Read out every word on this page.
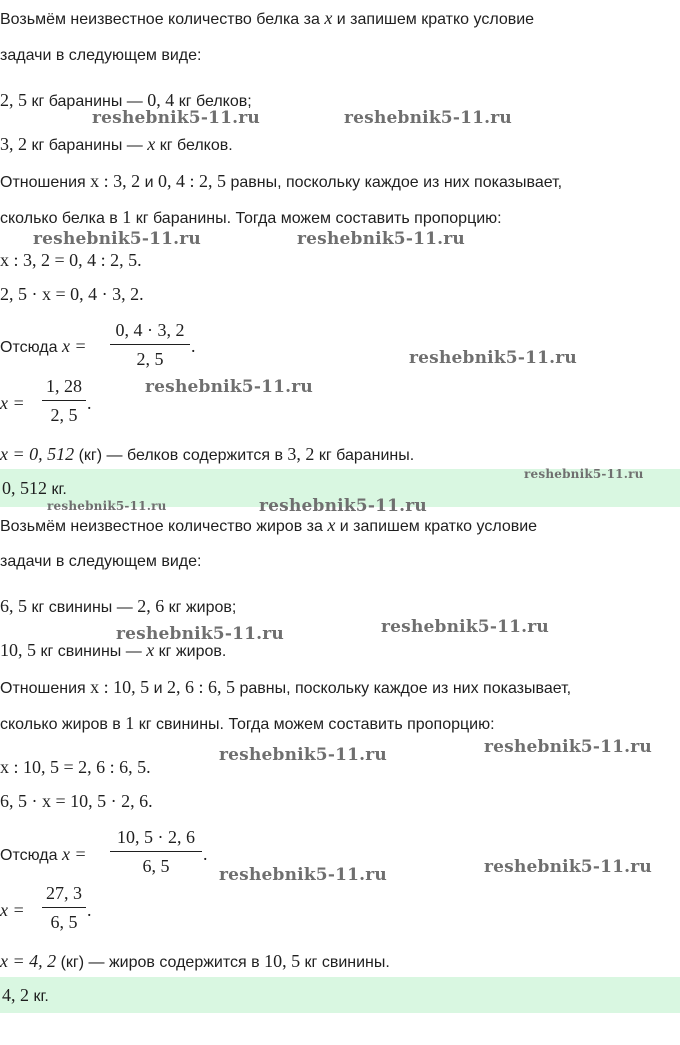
Возьмём неизвестное количество белка за x и запишем кратко условие
задачи в следующем виде:
2, 5 кг баранины — 0, 4 кг белков;
3, 2 кг баранины — x кг белков.
Отношения x : 3, 2 и 0, 4 : 2, 5 равны, поскольку каждое из них показывает,
сколько белка в 1 кг баранины. Тогда можем составить пропорцию:
x : 3, 2 = 0, 4 : 2, 5.
2, 5 · x = 0, 4 · 3, 2.
Отсюда x =
0, 4 · 3, 2
2, 5
.
x =
1, 28
2, 5
.
x = 0, 512 (кг) — белков содержится в 3, 2 кг баранины.
0, 512 кг.
Возьмём неизвестное количество жиров за x и запишем кратко условие
задачи в следующем виде:
6, 5 кг свинины — 2, 6 кг жиров;
10, 5 кг свинины — x кг жиров.
Отношения x : 10, 5 и 2, 6 : 6, 5 равны, поскольку каждое из них показывает,
сколько жиров в 1 кг свинины. Тогда можем составить пропорцию:
x : 10, 5 = 2, 6 : 6, 5.
6, 5 · x = 10, 5 · 2, 6.
Отсюда x =
10, 5 · 2, 6
6, 5
.
x =
27, 3
6, 5
.
x = 4, 2 (кг) — жиров содержится в 10, 5 кг свинины.
4, 2 кг.
reshebnik5-11.ru	reshebnik5-11.ru
reshebnik5-11.ru	reshebnik5-11.ru
reshebnik5-11.ru
reshebnik5-11.ru
reshebnik5-11.ru
reshebnik5-11.ru	reshebnik5-11.ru
reshebnik5-11.ru	reshebnik5-11.ru
reshebnik5-11.ru	reshebnik5-11.ru
reshebnik5-11.ru
reshebnik5-11.ru
